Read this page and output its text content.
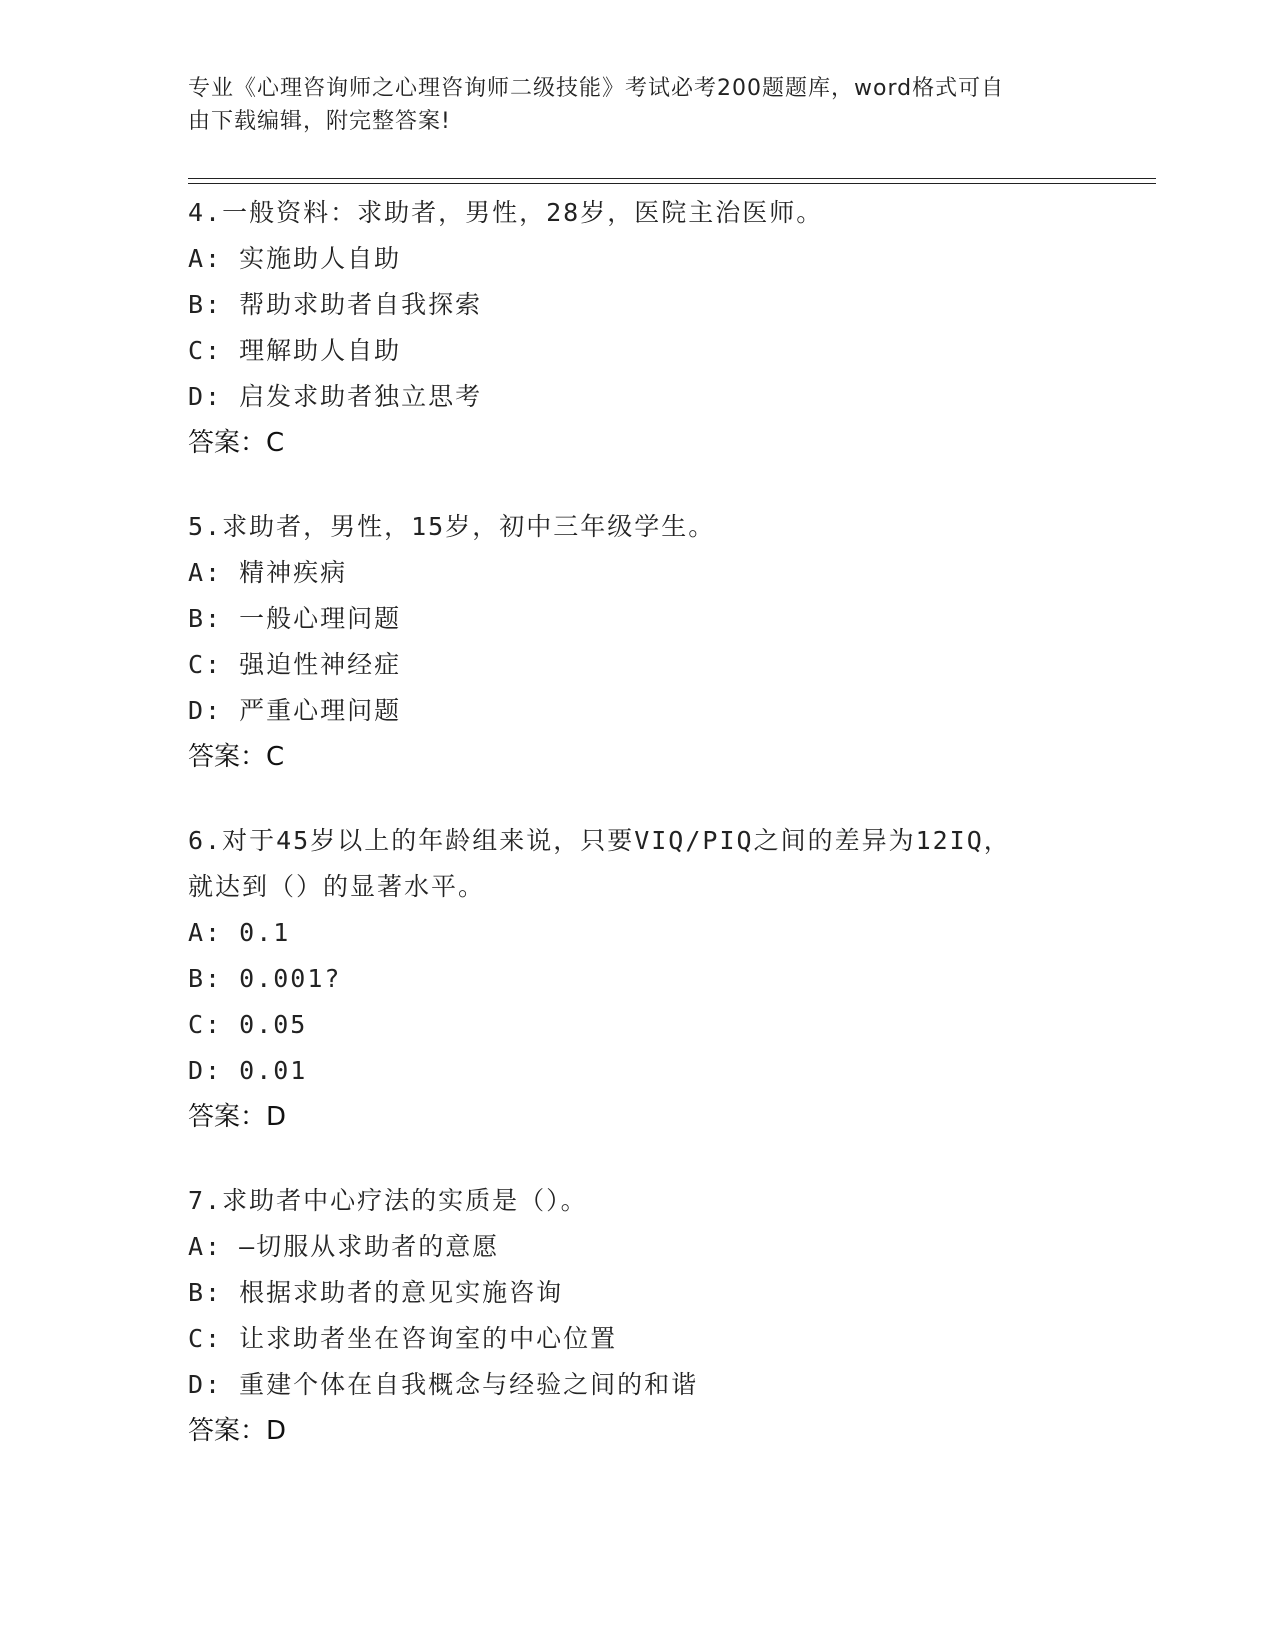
专业《心理咨询师之心理咨询师二级技能》考试必考200题题库，word格式可自
由下载编辑，附完整答案!
4.一般资料：求助者，男性，28岁，医院主治医师。
A: 实施助人自助
B: 帮助求助者自我探索
C: 理解助人自助
D: 启发求助者独立思考
答案：C
5.求助者，男性，15岁，初中三年级学生。
A: 精神疾病
B: 一般心理问题
C: 强迫性神经症
D: 严重心理问题
答案：C
6.对于45岁以上的年龄组来说，只要VIQ/PIQ之间的差异为12IQ，
就达到（）的显著水平。
A: 0.1
B: 0.001?
C: 0.05
D: 0.01
答案：D
7.求助者中心疗法的实质是（）。
A: —切服从求助者的意愿
B: 根据求助者的意见实施咨询
C: 让求助者坐在咨询室的中心位置
D: 重建个体在自我概念与经验之间的和谐
答案：D
